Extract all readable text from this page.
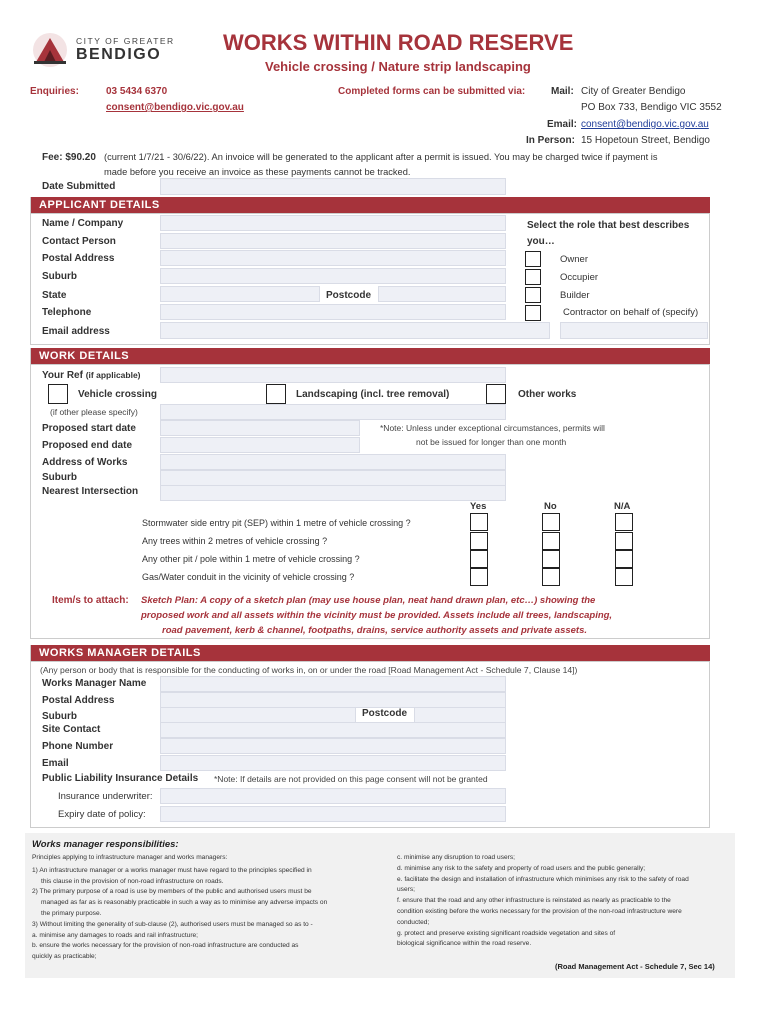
CITY OF GREATER
BENDIGO	WORKS WITHIN ROAD RESERVE
Vehicle crossing / Nature strip landscaping
Enquiries:	03 5434 6370
consent@bendigo.vic.gov.au
Completed forms can be submitted via:	Mail: City of Greater Bendigo
PO Box 733, Bendigo VIC 3552
Email: consent@bendigo.vic.gov.au
In Person: 15 Hopetoun Street, Bendigo
Fee: $90.20 (current 1/7/21 - 30/6/22). An invoice will be generated to the applicant after a permit is issued. You may be charged twice if payment is
made before you receive an invoice as these payments cannot be tracked.
Date Submitted
APPLICANT DETAILS
Name / Company
Contact Person
Postal Address
Suburb
State	Postcode
Telephone
Email address
Select the role that best describes
you…
Owner
Occupier
Builder
Contractor on behalf of (specify)
WORK DETAILS
Your Ref (if applicable)
Vehicle crossing	Landscaping (incl. tree removal)	Other works
(if other please specify)
Proposed start date
Proposed end date
*Note: Unless under exceptional circumstances, permits will
not be issued for longer than one month
Address of Works
Suburb
Nearest Intersection
Yes	No	N/A
Stormwater side entry pit (SEP) within 1 metre of vehicle crossing ?
Any trees within 2 metres of vehicle crossing ?
Any other pit / pole within 1 metre of vehicle crossing ?
Gas/Water conduit in the vicinity of vehicle crossing ?
Item/s to attach: Sketch Plan: A copy of a sketch plan (may use house plan, neat hand drawn plan, etc…) showing the
proposed work and all assets within the vicinity must be provided. Assets include all trees, landscaping,
road pavement, kerb & channel, footpaths, drains, service authority assets and private assets.
WORKS MANAGER DETAILS
(Any person or body that is responsible for the conducting of works in, on or under the road [Road Management Act - Schedule 7, Clause 14])
Works Manager Name
Postal Address
Suburb	Postcode
Site Contact
Phone Number
Email
Public Liability Insurance Details *Note: If details are not provided on this page consent will not be granted
Insurance underwriter:
Expiry date of policy:
Works manager responsibilities:
Principles applying to infrastructure manager and works managers:
1) An infrastructure manager or a works manager must have regard to the principles specified in
this clause in the provision of non-road infrastructure on roads.
2) The primary purpose of a road is use by members of the public and authorised users must be
managed as far as is reasonably practicable in such a way as to minimise any adverse impacts on
the primary purpose.
3) Without limiting the generality of sub-clause (2), authorised users must be managed so as to -
a. minimise any damages to roads and rail infrastructure;
b. ensure the works necessary for the provision of non-road infrastructure are conducted as
quickly as practicable;
c. minimise any disruption to road users;
d. minimise any risk to the safety and property of road users and the public generally;
e. facilitate the design and installation of infrastructure which minimises any risk to the safety of road
users;
f. ensure that the road and any other infrastructure is reinstated as nearly as practicable to the
condition existing before the works necessary for the provision of the non-road infrastructure were
conducted;
g. protect and preserve existing significant roadside vegetation and sites of
biological significance within the road reserve.
(Road Management Act - Schedule 7, Sec 14)
